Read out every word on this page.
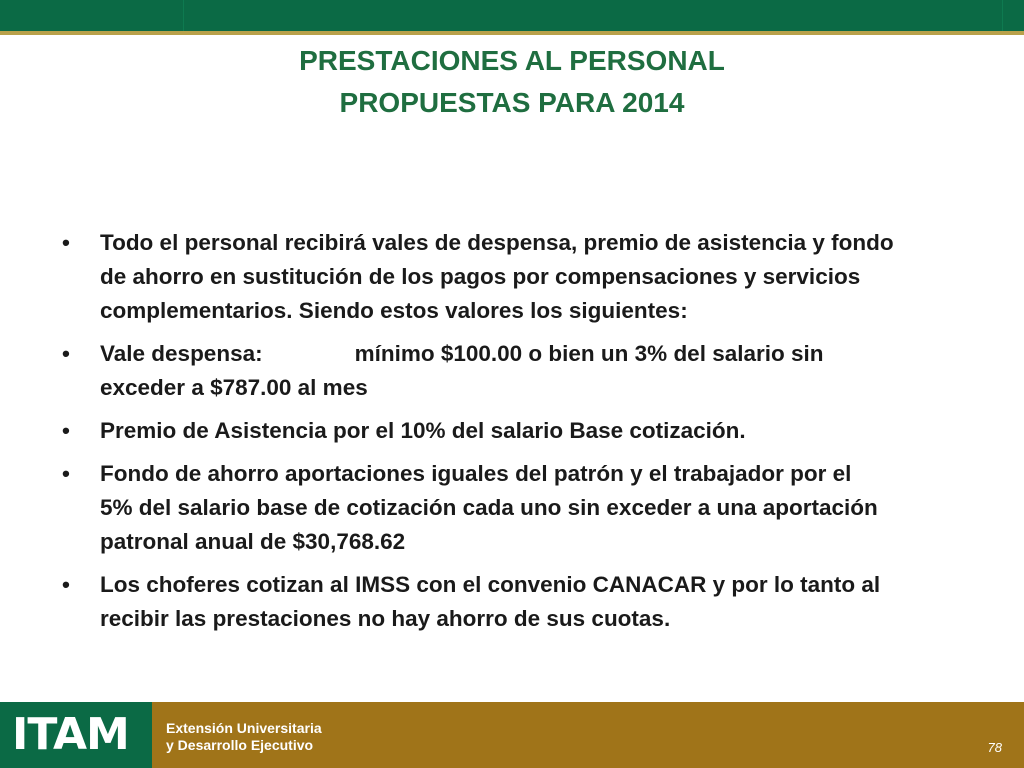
PRESTACIONES AL PERSONAL
PROPUESTAS PARA 2014
•	Todo el personal recibirá vales de despensa, premio de asistencia y fondo
de ahorro en sustitución de los pagos por compensaciones y servicios
complementarios. Siendo estos valores los siguientes:
•	Vale despensa:	mínimo $100.00 o bien un 3% del salario sin
exceder a $787.00 al mes
•	Premio de Asistencia por el 10% del salario Base cotización.
•	Fondo de ahorro aportaciones iguales del patrón y el trabajador por el
5% del salario base de cotización cada uno sin exceder a una aportación
patronal anual de $30,768.62
•	Los choferes cotizan al IMSS con el convenio CANACAR y por lo tanto al
recibir las prestaciones no hay ahorro de sus cuotas.
ITAM	Extensión Universitaria
y Desarrollo Ejecutivo	78
